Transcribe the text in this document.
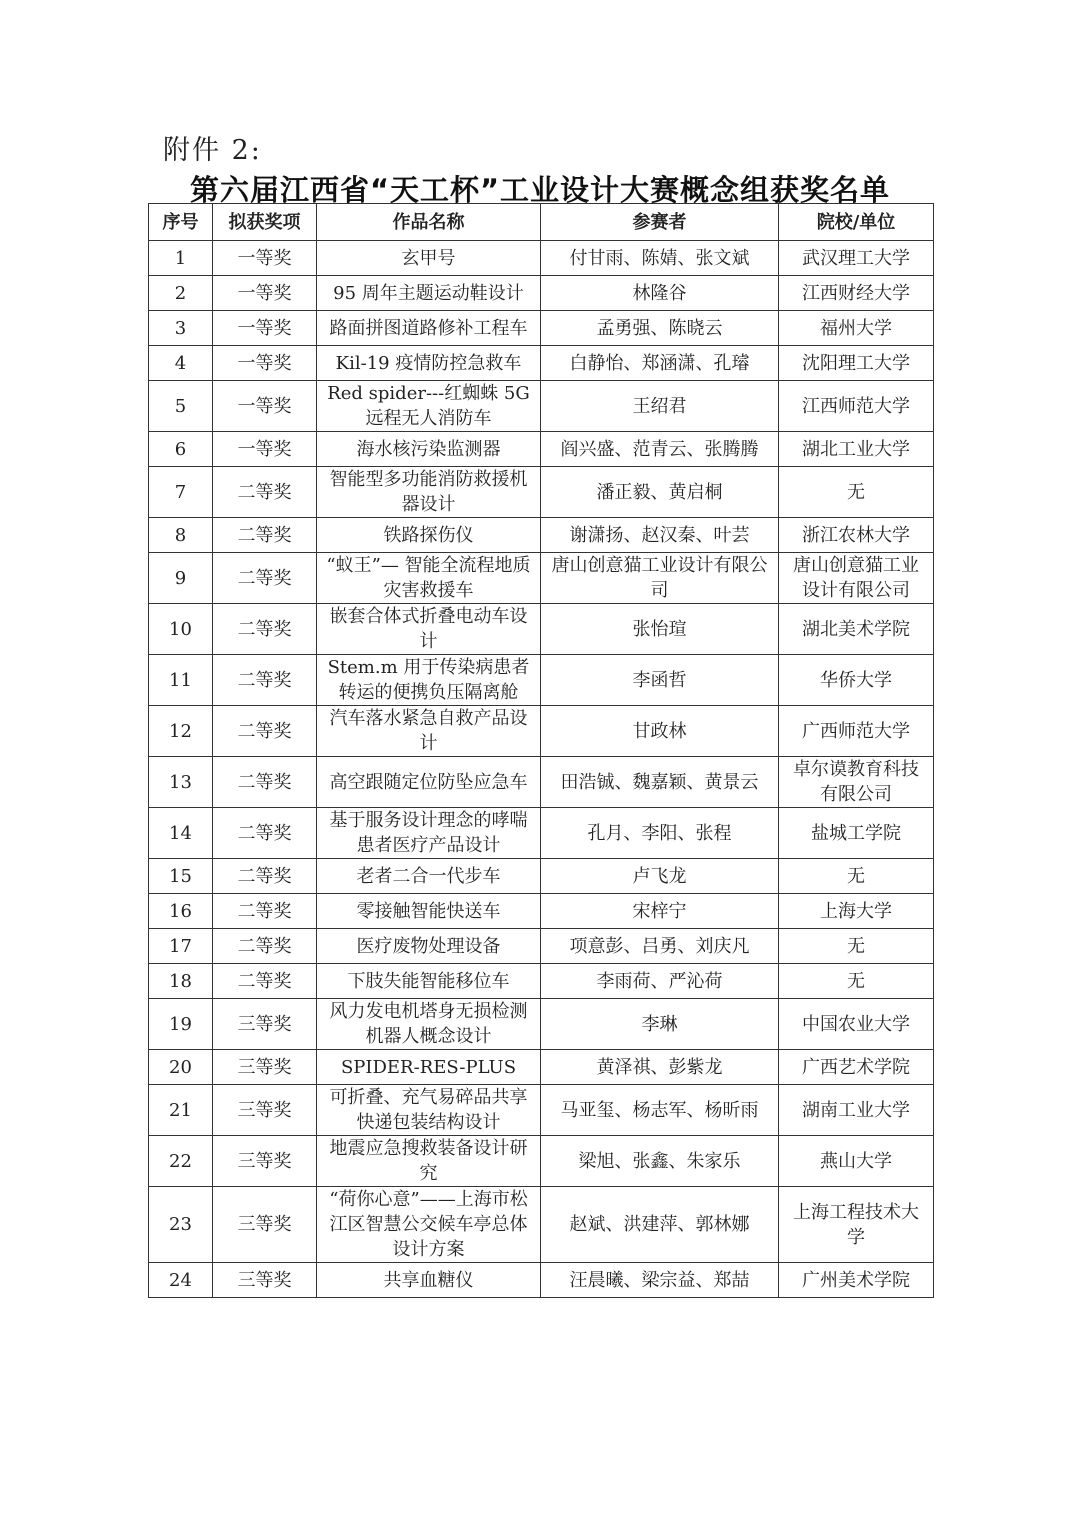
附件 2:
第六届江西省“天工杯”工业设计大赛概念组获奖名单
序号	拟获奖项	作品名称	参赛者	院校/单位
1	一等奖	玄甲号	付甘雨、陈婧、张文斌	武汉理工大学
2	一等奖	95 周年主题运动鞋设计	林隆谷	江西财经大学
3	一等奖	路面拼图道路修补工程车	孟勇强、陈晓云	福州大学
4	一等奖	Kil-19 疫情防控急救车	白静怡、郑涵潇、孔璿	沈阳理工大学
5	一等奖	Red spider---红蜘蛛 5G 远程无人消防车	王绍君	江西师范大学
6	一等奖	海水核污染监测器	阎兴盛、范青云、张腾腾	湖北工业大学
7	二等奖	智能型多功能消防救援机器设计	潘正毅、黄启桐	无
8	二等奖	铁路探伤仪	谢潇扬、赵汉秦、叶芸	浙江农林大学
9	二等奖	“蚁王”— 智能全流程地质灾害救援车	唐山创意猫工业设计有限公司	唐山创意猫工业设计有限公司
10	二等奖	嵌套合体式折叠电动车设计	张怡瑄	湖北美术学院
11	二等奖	Stem.m 用于传染病患者转运的便携负压隔离舱	李函哲	华侨大学
12	二等奖	汽车落水紧急自救产品设计	甘政林	广西师范大学
13	二等奖	高空跟随定位防坠应急车	田浩铖、魏嘉颖、黄景云	卓尔谟教育科技有限公司
14	二等奖	基于服务设计理念的哮喘患者医疗产品设计	孔月、李阳、张程	盐城工学院
15	二等奖	老者二合一代步车	卢飞龙	无
16	二等奖	零接触智能快送车	宋梓宁	上海大学
17	二等奖	医疗废物处理设备	项意彭、吕勇、刘庆凡	无
18	二等奖	下肢失能智能移位车	李雨荷、严沁荷	无
19	三等奖	风力发电机塔身无损检测机器人概念设计	李琳	中国农业大学
20	三等奖	SPIDER-RES-PLUS	黄泽祺、彭紫龙	广西艺术学院
21	三等奖	可折叠、充气易碎品共享快递包装结构设计	马亚玺、杨志军、杨昕雨	湖南工业大学
22	三等奖	地震应急搜救装备设计研究	梁旭、张鑫、朱家乐	燕山大学
23	三等奖	“荷你心意”——上海市松江区智慧公交候车亭总体设计方案	赵斌、洪建萍、郭林娜	上海工程技术大学
24	三等奖	共享血糖仪	汪晨曦、梁宗益、郑喆	广州美术学院
